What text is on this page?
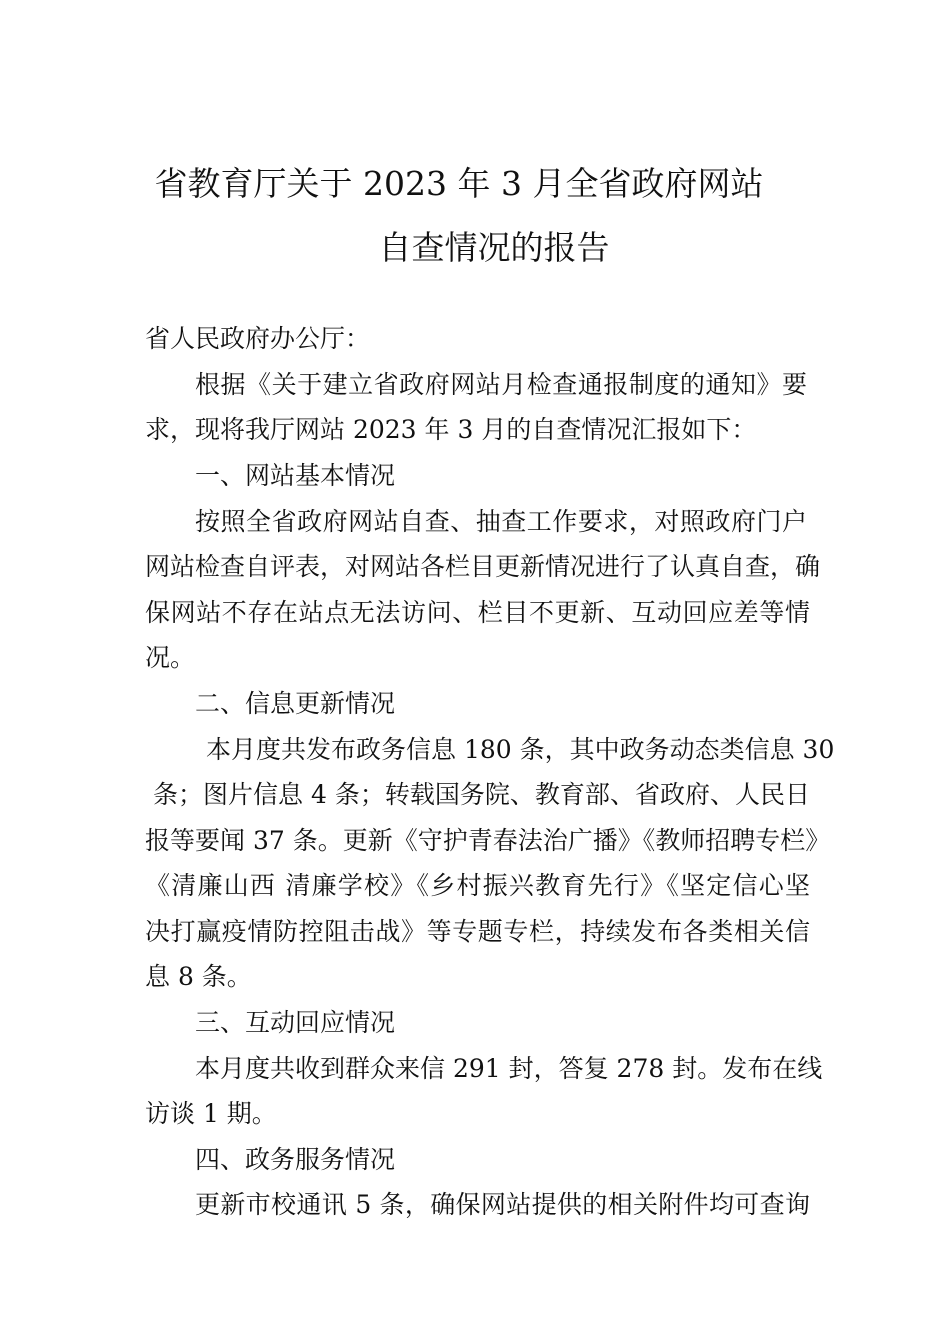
省教育厅关于 2023 年 3 月全省政府网站
自查情况的报告
省人民政府办公厅：
根据《关于建立省政府网站月检查通报制度的通知》要
求，现将我厅网站 2023 年 3 月的自查情况汇报如下：
一、网站基本情况
按照全省政府网站自查、抽查工作要求，对照政府门户
网站检查自评表，对网站各栏目更新情况进行了认真自查，确
保网站不存在站点无法访问、栏目不更新、互动回应差等情
况。
二、信息更新情况
本月度共发布政务信息 180 条，其中政务动态类信息 30
条；图片信息 4 条；转载国务院、教育部、省政府、人民日
报等要闻 37 条。更新《守护青春法治广播》《教师招聘专栏》
《清廉山西 清廉学校》《乡村振兴教育先行》《坚定信心坚
决打赢疫情防控阻击战》等专题专栏，持续发布各类相关信
息 8 条。
三、互动回应情况
本月度共收到群众来信 291 封，答复 278 封。发布在线
访谈 1 期。
四、政务服务情况
更新市校通讯 5 条，确保网站提供的相关附件均可查询
